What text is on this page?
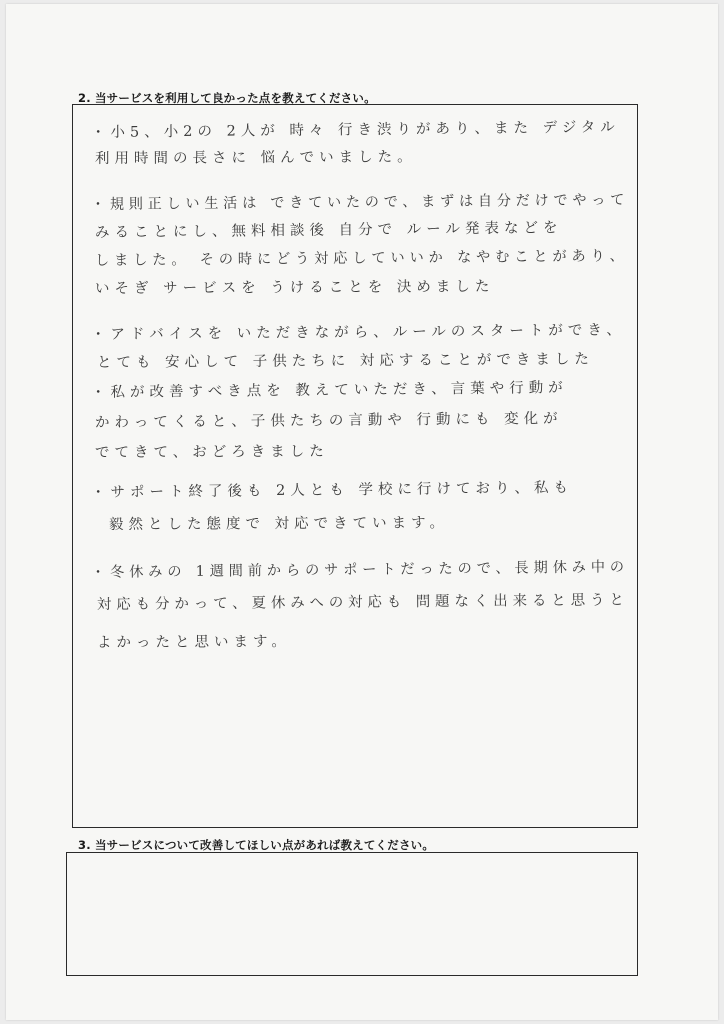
2. 当サービスを利用して良かった点を教えてください。
・小5、小2の 2人が 時々 行き渋りがあり、また デジタル
利用時間の長さに 悩んでいました。
・規則正しい生活は できていたので、まずは自分だけでやって
みることにし、無料相談後 自分で ルール発表などを
しました。 その時にどう対応していいか なやむことがあり、
いそぎ サービスを うけることを 決めました
・アドバイスを いただきながら、ルールのスタートができ、
とても 安心して 子供たちに 対応することができました
・私が改善すべき点を 教えていただき、言葉や行動が
かわってくると、子供たちの言動や 行動にも 変化が
でてきて、おどろきました
・サポート終了後も 2人とも 学校に行けており、私も
毅然とした態度で 対応できています。
・冬休みの 1週間前からのサポートだったので、長期休み中の
対応も分かって、夏休みへの対応も 問題なく出来ると思うと
よかったと思います。
3. 当サービスについて改善してほしい点があれば教えてください。
